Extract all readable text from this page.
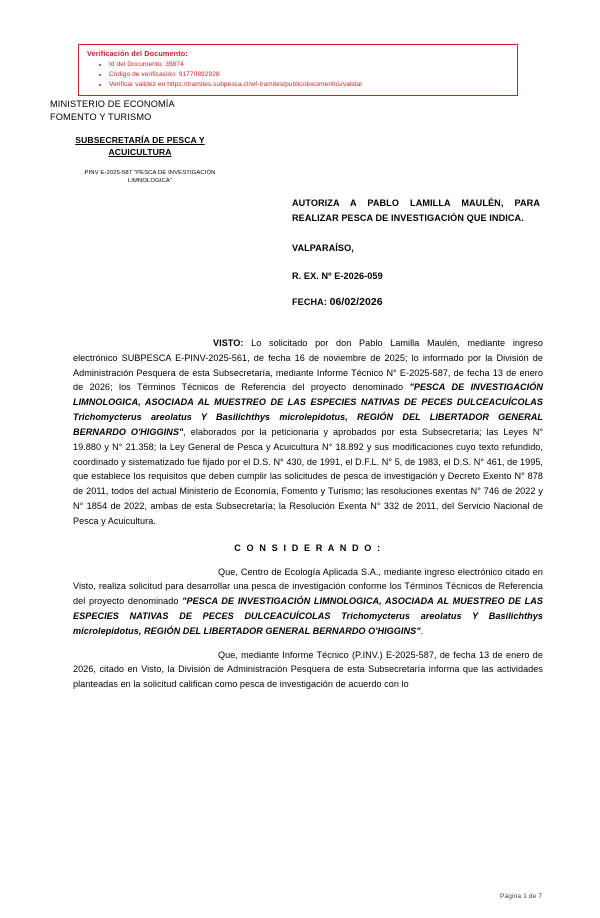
Verificación del Documento:
• Id del Documento: 35874
• Código de verificación: 91770892928
• Verificar validez en https://tramites.subpesca.cl/wf-tramites/public/documentos/validar
MINISTERIO DE ECONOMÍA
FOMENTO Y TURISMO
SUBSECRETARÍA DE PESCA Y
ACUICULTURA
PINV E-2025-587 "PESCA DE INVESTIGACIÓN
LIMNOLOGICA"
AUTORIZA A PABLO LAMILLA MAULÉN, PARA REALIZAR PESCA DE INVESTIGACIÓN QUE INDICA.
VALPARAÍSO,
R. EX. Nº E-2026-059
FECHA: 06/02/2026

VISTO: Lo solicitado por don Pablo Lamilla Maulén, mediante ingreso electrónico SUBPESCA E-PINV-2025-561, de fecha 16 de noviembre de 2025; lo informado por la División de Administración Pesquera de esta Subsecretaría, mediante Informe Técnico N° E-2025-587, de fecha 13 de enero de 2026; los Términos Técnicos de Referencia del proyecto denominado "PESCA DE INVESTIGACIÓN LIMNOLOGICA, ASOCIADA AL MUESTREO DE LAS ESPECIES NATIVAS DE PECES DULCEACUÍCOLAS Trichomycterus areolatus Y Basilichthys microlepidotus, REGIÓN DEL LIBERTADOR GENERAL BERNARDO O'HIGGINS", elaborados por la peticionaria y aprobados por esta Subsecretaría; las Leyes N° 19.880 y N° 21.358; la Ley General de Pesca y Acuicultura N° 18.892 y sus modificaciones cuyo texto refundido, coordinado y sistematizado fue fijado por el D.S. N° 430, de 1991, el D.F.L. N° 5, de 1983, el D.S. N° 461, de 1995, que establece los requisitos que deben cumplir las solicitudes de pesca de investigación y Decreto Exento N° 878 de 2011, todos del actual Ministerio de Economía, Fomento y Turismo; las resoluciones exentas N° 746 de 2022 y N° 1854 de 2022, ambas de esta Subsecretaría; la Resolución Exenta N° 332 de 2011, del Servicio Nacional de Pesca y Acuicultura.

C O N S I D E R A N D O :

Que, Centro de Ecología Aplicada S.A., mediante ingreso electrónico citado en Visto, realiza solicitud para desarrollar una pesca de investigación conforme los Términos Técnicos de Referencia del proyecto denominado "PESCA DE INVESTIGACIÓN LIMNOLOGICA, ASOCIADA AL MUESTREO DE LAS ESPECIES NATIVAS DE PECES DULCEACUÍCOLAS Trichomycterus areolatus Y Basilichthys microlepidotus, REGIÓN DEL LIBERTADOR GENERAL BERNARDO O'HIGGINS".

Que, mediante Informe Técnico (P.INV.) E-2025-587, de fecha 13 de enero de 2026, citado en Visto, la División de Administración Pesquera de esta Subsecretaría informa que las actividades planteadas en la solicitud califican como pesca de investigación de acuerdo con lo

Página 1 de 7
